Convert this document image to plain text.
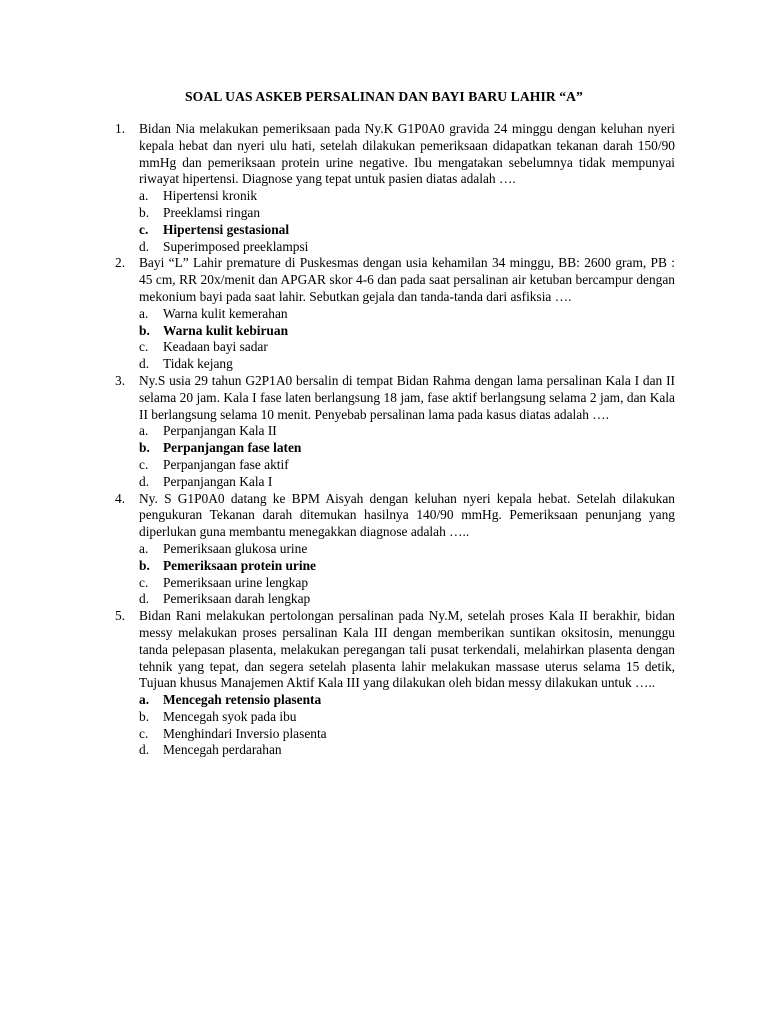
SOAL UAS ASKEB PERSALINAN DAN BAYI BARU LAHIR “A”
1. Bidan Nia melakukan pemeriksaan pada Ny.K G1P0A0 gravida 24 minggu dengan keluhan nyeri kepala hebat dan nyeri ulu hati, setelah dilakukan pemeriksaan didapatkan tekanan darah 150/90 mmHg dan pemeriksaan protein urine negative. Ibu mengatakan sebelumnya tidak mempunyai riwayat hipertensi. Diagnose yang tepat untuk pasien diatas adalah ….

a. Hipertensi kronik
b. Preeklamsi ringan
c. Hipertensi gestasional
d. Superimposed preeklampsi
2. Bayi “L” Lahir premature di Puskesmas dengan usia kehamilan 34 minggu, BB: 2600 gram, PB : 45 cm, RR 20x/menit dan APGAR skor 4-6 dan pada saat persalinan air ketuban bercampur dengan mekonium bayi pada saat lahir. Sebutkan gejala dan tanda-tanda dari asfiksia ….

a. Warna kulit kemerahan
b. Warna kulit kebiruan
c. Keadaan bayi sadar
d. Tidak kejang
3. Ny.S usia 29 tahun G2P1A0 bersalin di tempat Bidan Rahma dengan lama persalinan Kala I dan II selama 20 jam. Kala I fase laten berlangsung 18 jam, fase aktif berlangsung selama 2 jam, dan Kala II berlangsung selama 10 menit. Penyebab persalinan lama pada kasus diatas adalah ….

a. Perpanjangan Kala II
b. Perpanjangan fase laten
c. Perpanjangan fase aktif
d. Perpanjangan Kala I
4. Ny. S G1P0A0 datang ke BPM Aisyah dengan keluhan nyeri kepala hebat. Setelah dilakukan pengukuran Tekanan darah ditemukan hasilnya 140/90 mmHg. Pemeriksaan penunjang yang diperlukan guna membantu menegakkan diagnose adalah …..

a. Pemeriksaan glukosa urine
b. Pemeriksaan protein urine
c. Pemeriksaan urine lengkap
d. Pemeriksaan darah lengkap
5. Bidan Rani melakukan pertolongan persalinan pada Ny.M, setelah proses Kala II berakhir, bidan messy melakukan proses persalinan Kala III dengan memberikan suntikan oksitosin, menunggu tanda pelepasan plasenta, melakukan peregangan tali pusat terkendali, melahirkan plasenta dengan tehnik yang tepat, dan segera setelah plasenta lahir melakukan massase uterus selama 15 detik, Tujuan khusus Manajemen Aktif Kala III yang dilakukan oleh bidan messy dilakukan untuk …..

a. Mencegah retensio plasenta
b. Mencegah syok pada ibu
c. Menghindari Inversio plasenta
d. Mencegah perdarahan
